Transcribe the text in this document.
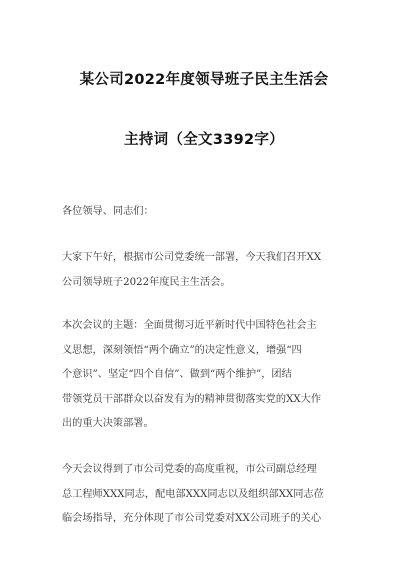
某公司2022年度领导班子民主生活会
主持词（全文3392字）
各位领导、同志们：
大家下午好，根据市公司党委统一部署，今天我们召开XX
公司领导班子2022年度民主生活会。
本次会议的主题：全面贯彻习近平新时代中国特色社会主
义思想，深刻领悟“两个确立”的决定性意义，增强“四
个意识”、坚定“四个自信”、做到“两个维护”，团结
带领党员干部群众以奋发有为的精神贯彻落实党的XX大作
出的重大决策部署。
今天会议得到了市公司党委的高度重视，市公司副总经理
总工程师XXX同志，配电部XXX同志以及组织部XX同志莅
临会场指导，充分体现了市公司党委对XX公司班子的关心
